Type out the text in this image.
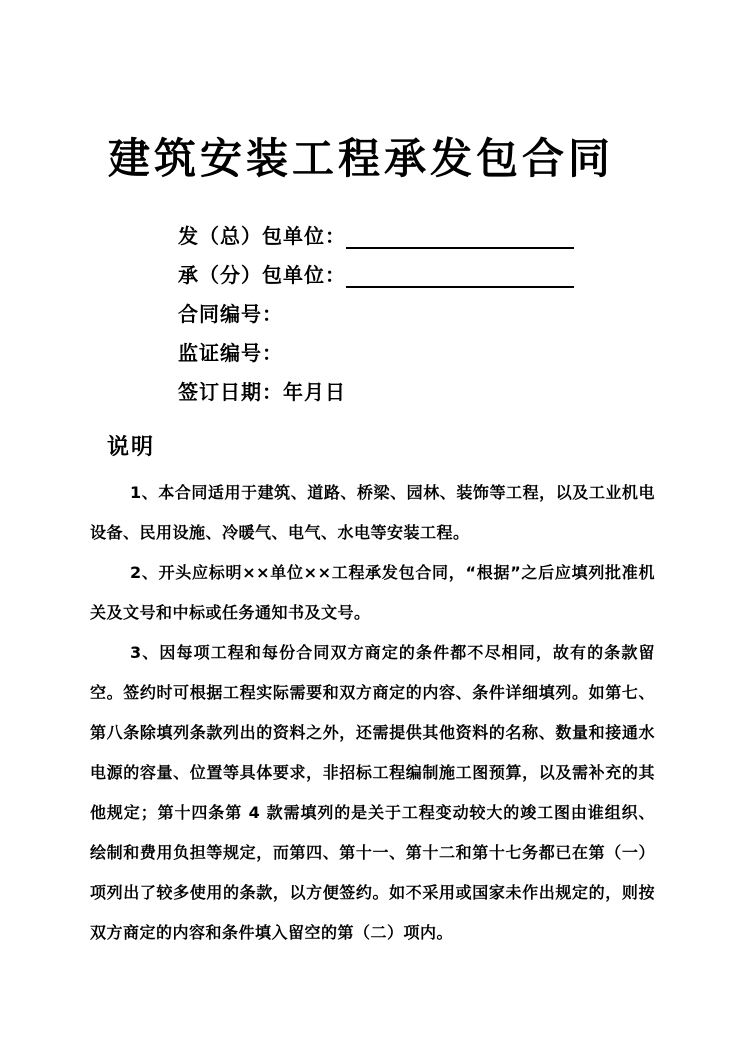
建筑安装工程承发包合同
发（总）包单位：
承（分）包单位：
合同编号：
监证编号：
签订日期： 年月日
说明

1、本合同适用于建筑、道路、桥梁、园林、装饰等工程，以及工业机电设备、民用设施、冷暖气、电气、水电等安装工程。

2、开头应标明××单位××工程承发包合同，“根据”之后应填列批准机关及文号和中标或任务通知书及文号。

3、因每项工程和每份合同双方商定的条件都不尽相同，故有的条款留空。签约时可根据工程实际需要和双方商定的内容、条件详细填列。如第七、第八条除填列条款列出的资料之外，还需提供其他资料的名称、数量和接通水电源的容量、位置等具体要求，非招标工程编制施工图预算，以及需补充的其他规定；第十四条第 4 款需填列的是关于工程变动较大的竣工图由谁组织、绘制和费用负担等规定，而第四、第十一、第十二和第十七务都已在第（一）项列出了较多使用的条款，以方便签约。如不采用或国家未作出规定的，则按双方商定的内容和条件填入留空的第（二）项内。
